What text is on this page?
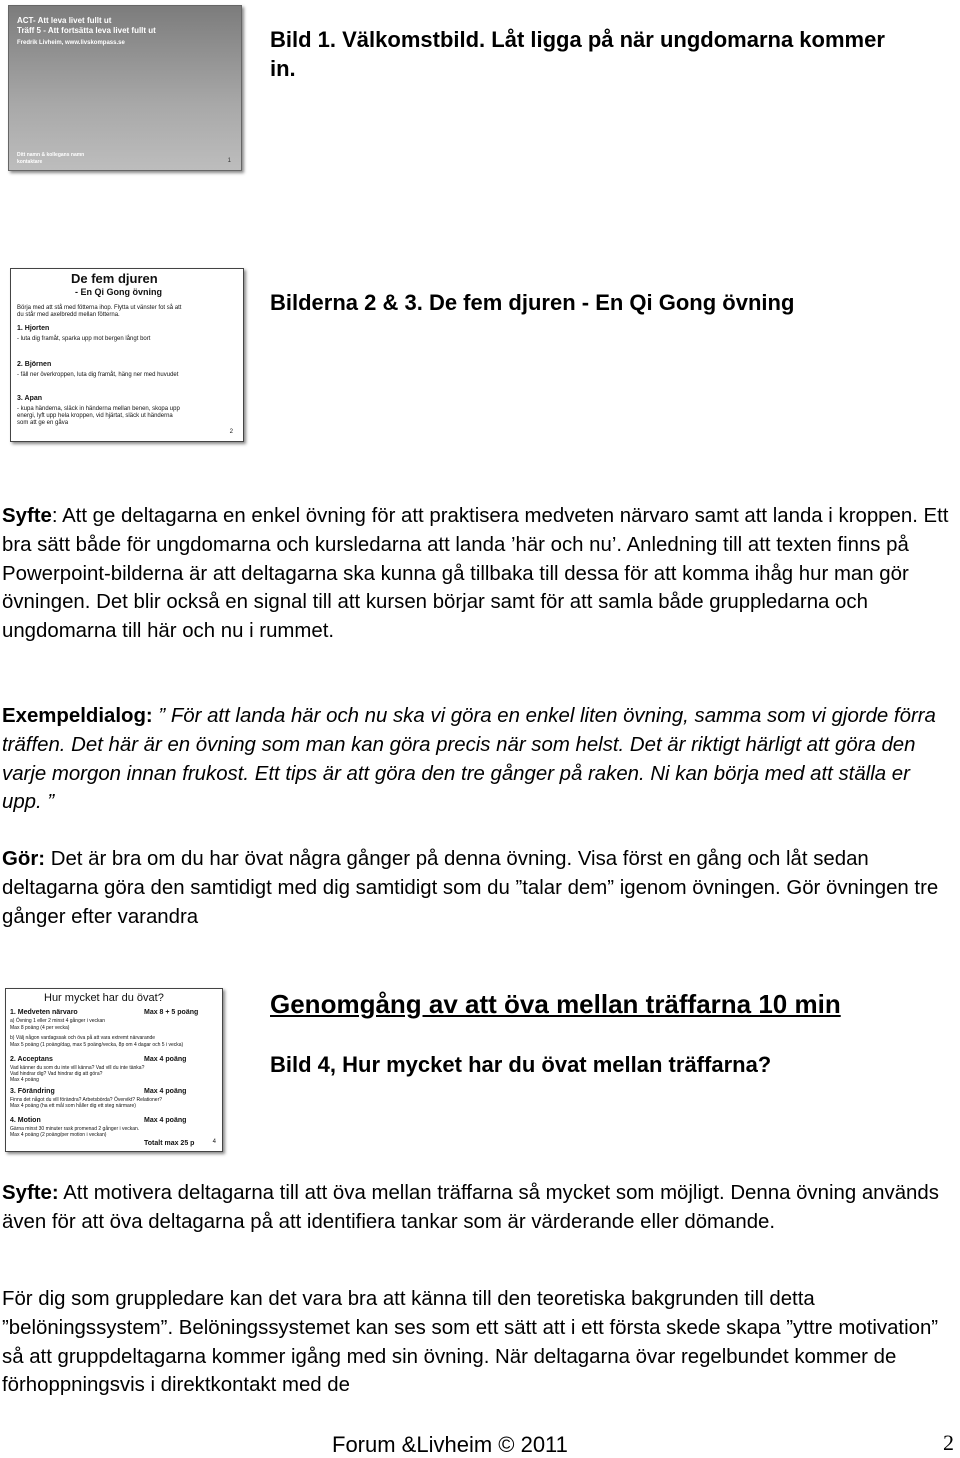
ACT- Att leva livet fullt ut
Träff 5 - Att fortsätta leva livet fullt ut
Fredrik Livheim, www.livskompass.se
Ditt namn & kollegans namn
kontaktare	1
Bild 1. Välkomstbild. Låt ligga på när ungdomarna kommer in.
De fem djuren
- En Qi Gong övning
Börja med att stå med fötterna ihop. Flytta ut vänster fot så att
du står med axelbredd mellan fötterna.
1. Hjorten
- luta dig framåt, sparka upp mot bergen långt bort
2. Björnen
- fäll ner överkroppen, luta dig framåt, häng ner med huvudet
3. Apan
- kupa händerna, släck in händerna mellan benen, skopa upp
energi, lyft upp hela kroppen, vid hjärtat, släck ut händerna
som att ge en gåva
2
Bilderna 2 & 3. De fem djuren - En Qi Gong övning

Syfte: Att ge deltagarna en enkel övning för att praktisera medveten närvaro samt att landa i kroppen. Ett bra sätt både för ungdomarna och kursledarna att landa ’här och nu’. Anledning till att texten finns på Powerpoint-bilderna är att deltagarna ska kunna gå tillbaka till dessa för att komma ihåg hur man gör övningen. Det blir också en signal till att kursen börjar samt för att samla både gruppledarna och ungdomarna till här och nu i rummet.

Exempeldialog: ” För att landa här och nu ska vi göra en enkel liten övning, samma som vi gjorde förra träffen. Det här är en övning som man kan göra precis när som helst. Det är riktigt härligt att göra den varje morgon innan frukost. Ett tips är att göra den tre gånger på raken. Ni kan börja med att ställa er upp. ”

Gör: Det är bra om du har övat några gånger på denna övning. Visa först en gång och låt sedan deltagarna göra den samtidigt med dig samtidigt som du ”talar dem” igenom övningen. Gör övningen tre gånger efter varandra

Hur mycket har du övat?
1. Medveten närvaro	Max 8 + 5 poäng
a) Övning 1 eller 2 minst 4 gånger i veckan
Max 8 poäng (4 per vecka)
b) Välj någon vardagssak och öva på att vara extremt närvarande
Max 5 poäng (1 poäng/dag, max 5 poäng/vecka, 8p om 4 dagar och 5 i vecka)
2. Acceptans	Max 4 poäng
Vad känner du som du inte vill känna? Vad vill du inte tänka?
Vad hindrar dig? Vad hindrar dig att göra?
Max 4 poäng
3. Förändring	Max 4 poäng
Finns det något du vill förändra? Arbetsbörda? Övervikt? Relationer?
Max 4 poäng (ha ett mål som håller dig ett steg närmare)
4. Motion	Max 4 poäng
Gärna minst 30 minuter rask promenad 2 gånger i veckan.
Max 4 poäng (2 poäng/per motion i veckan)
Totalt max 25 p	4
Genomgång av att öva mellan träffarna 10 min
Bild 4, Hur mycket har du övat mellan träffarna?

Syfte: Att motivera deltagarna till att öva mellan träffarna så mycket som möjligt. Denna övning används även för att öva deltagarna på att identifiera tankar som är värderande eller dömande.

För dig som gruppledare kan det vara bra att känna till den teoretiska bakgrunden till detta ”belöningssystem”. Belöningssystemet kan ses som ett sätt att i ett första skede skapa ”yttre motivation” så att gruppdeltagarna kommer igång med sin övning. När deltagarna övar regelbundet kommer de förhoppningsvis i direktkontakt med de

Forum &Livheim © 2011	2
